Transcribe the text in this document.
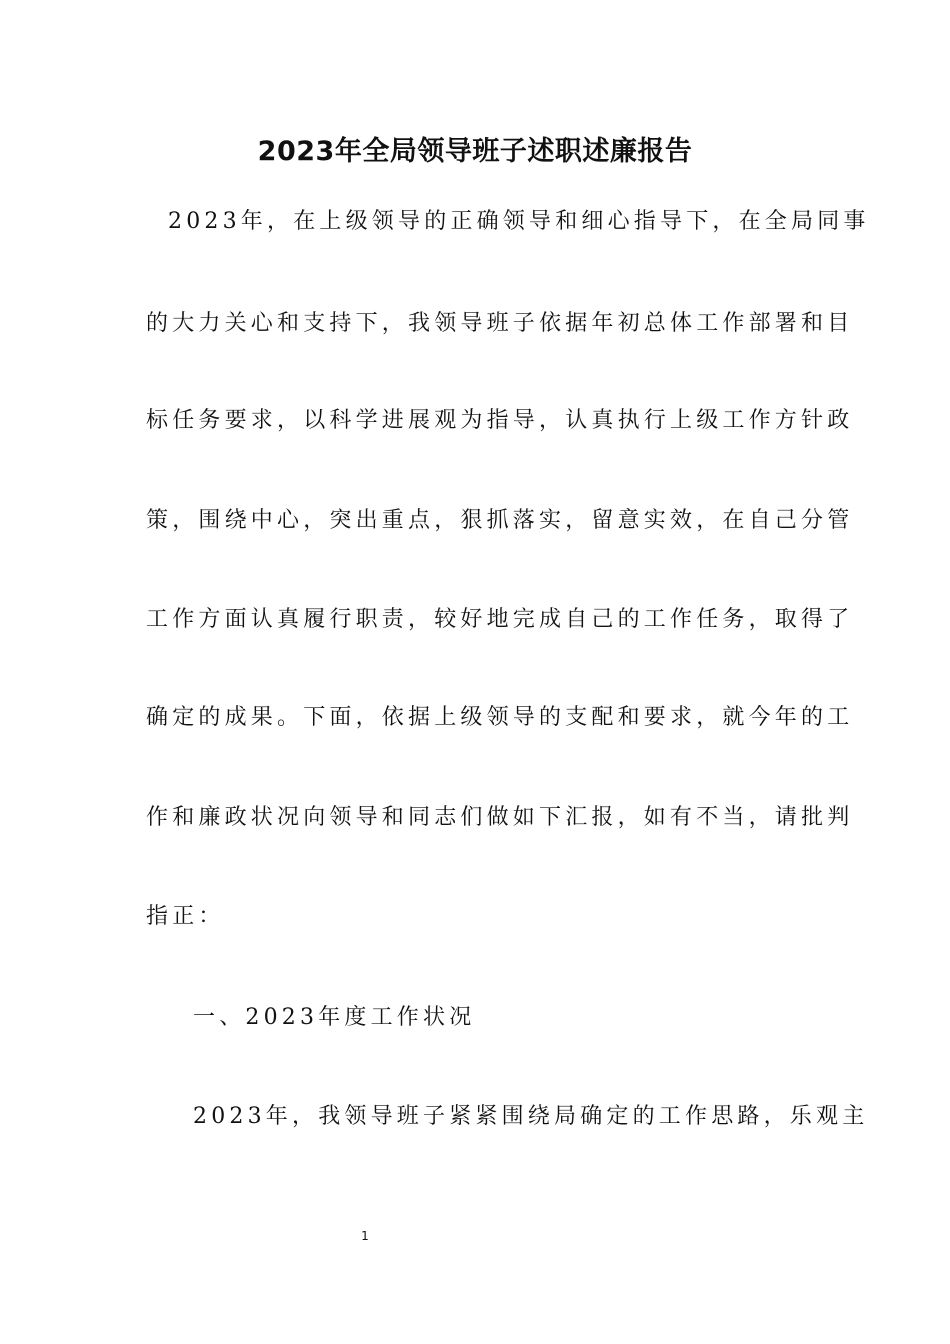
2023年全局领导班子述职述廉报告
2023年，在上级领导的正确领导和细心指导下，在全局同事
的大力关心和支持下，我领导班子依据年初总体工作部署和目
标任务要求，以科学进展观为指导，认真执行上级工作方针政
策，围绕中心，突出重点，狠抓落实，留意实效，在自己分管
工作方面认真履行职责，较好地完成自己的工作任务，取得了
确定的成果。下面，依据上级领导的支配和要求，就今年的工
作和廉政状况向领导和同志们做如下汇报，如有不当，请批判
指正：
一、2023年度工作状况
2023年，我领导班子紧紧围绕局确定的工作思路，乐观主
1
